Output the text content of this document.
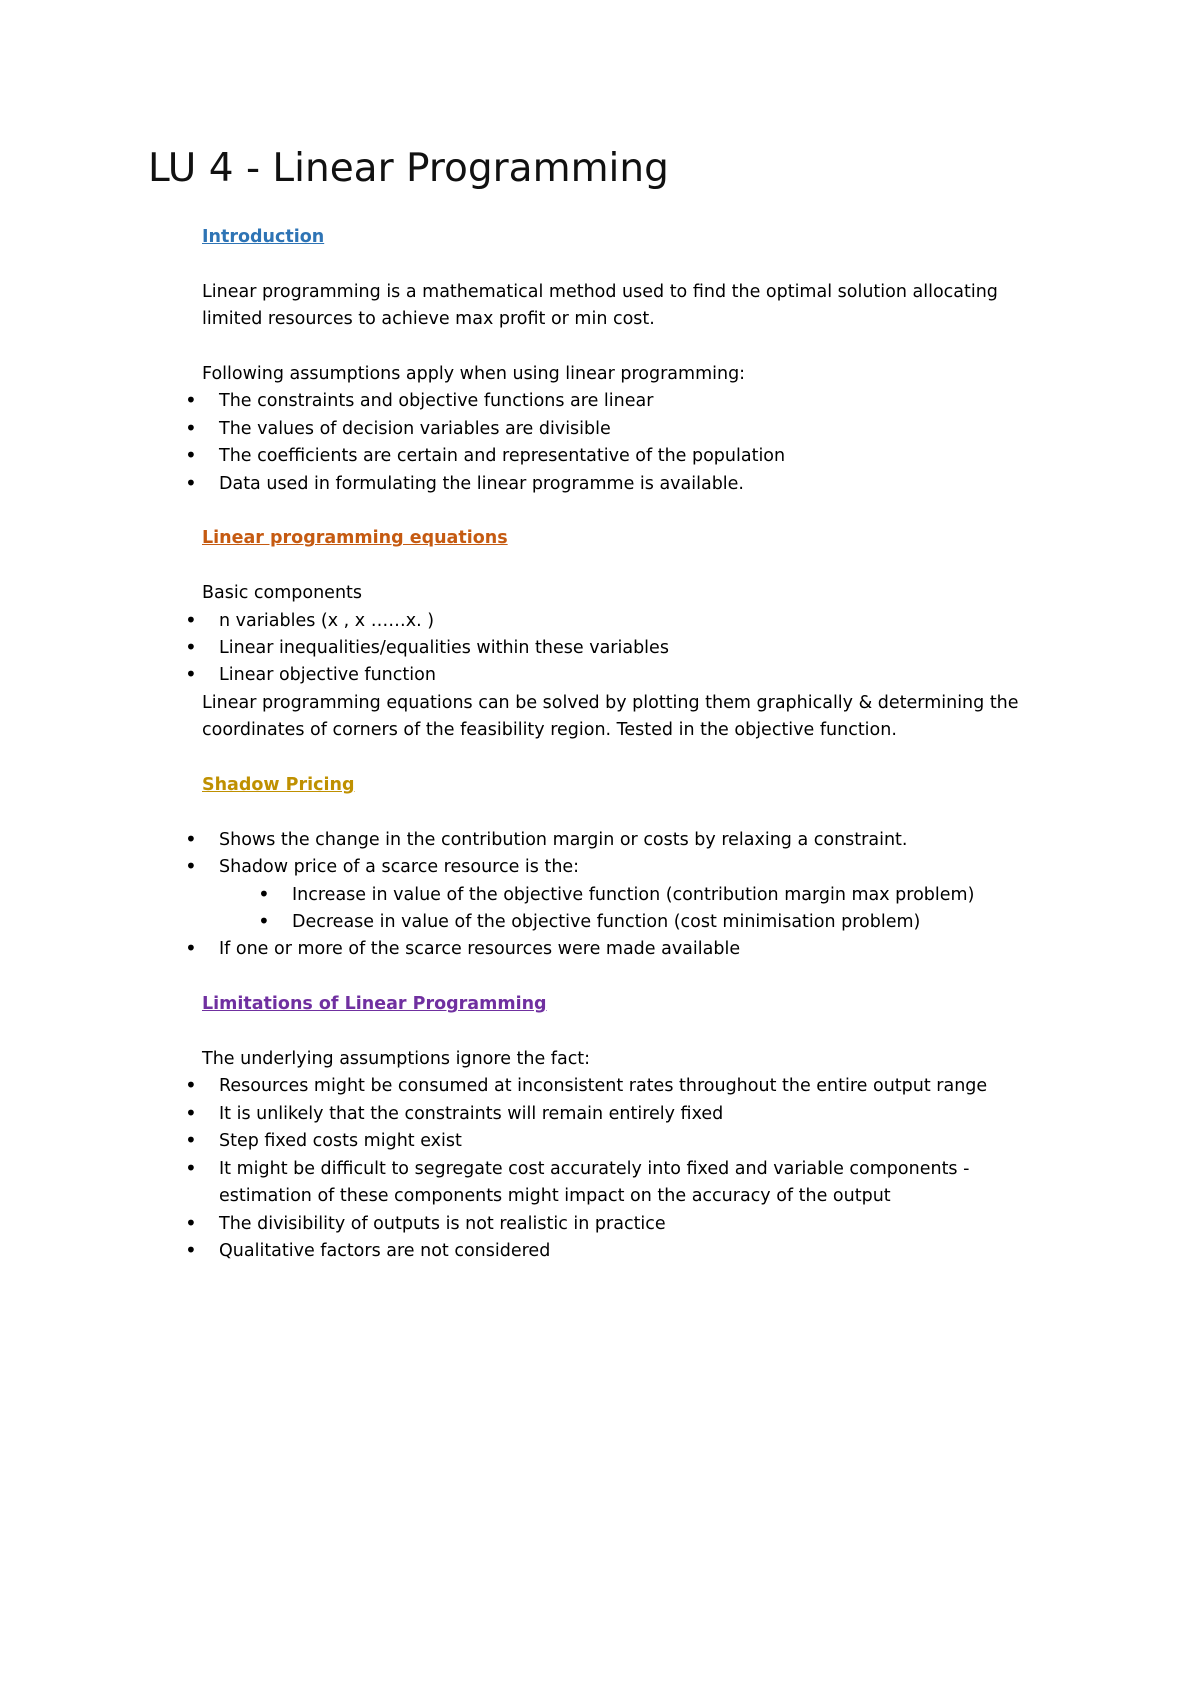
LU 4 - Linear Programming
Introduction

Linear programming is a mathematical method used to find the optimal solution allocating limited resources to achieve max profit or min cost.

Following assumptions apply when using linear programming:

• The constraints and objective functions are linear
• The values of decision variables are divisible
• The coefficients are certain and representative of the population
• Data used in formulating the linear programme is available.
Linear programming equations

Basic components

• n variables (x , x ……x. )
• Linear inequalities/equalities within these variables
• Linear objective function

Linear programming equations can be solved by plotting them graphically & determining the coordinates of corners of the feasibility region. Tested in the objective function.

Shadow Pricing
• Shows the change in the contribution margin or costs by relaxing a constraint.
• Shadow price of a scarce resource is the:
• Increase in value of the objective function (contribution margin max problem)
• Decrease in value of the objective function (cost minimisation problem)
• If one or more of the scarce resources were made available
Limitations of Linear Programming

The underlying assumptions ignore the fact:

• Resources might be consumed at inconsistent rates throughout the entire output range
• It is unlikely that the constraints will remain entirely fixed
• Step fixed costs might exist
• It might be difficult to segregate cost accurately into fixed and variable components - estimation of these components might impact on the accuracy of the output
• The divisibility of outputs is not realistic in practice
• Qualitative factors are not considered
